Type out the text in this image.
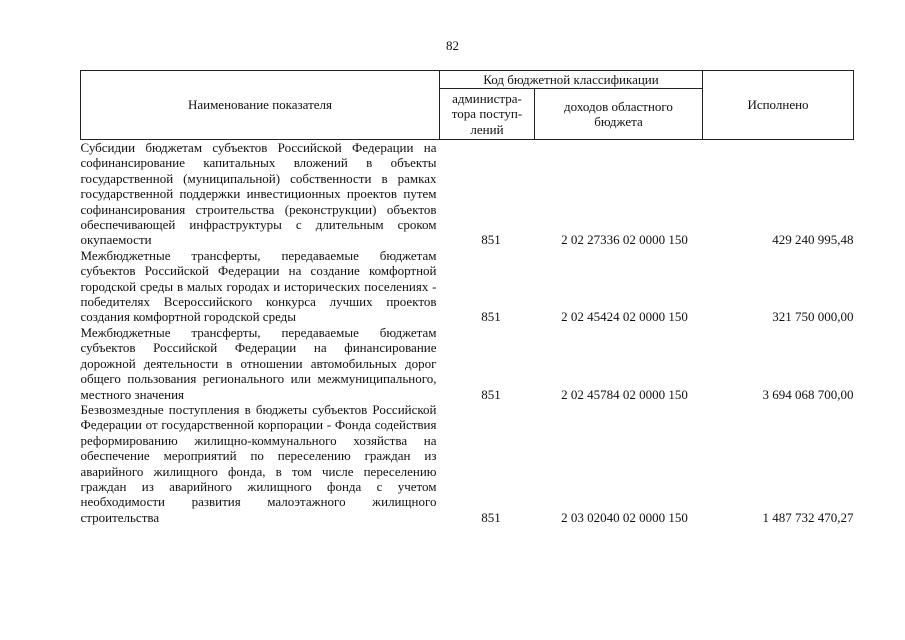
82
Наименование показателя	Код бюджетной классификации		Исполнено
	администра-тора поступ-лений	доходов областного бюджета	
Субсидии бюджетам субъектов Российской Федерации на софинансирование капитальных вложений в объекты государственной (муниципальной) собственности в рамках государственной поддержки инвестиционных проектов путем софинансирования строительства (реконструкции) объектов обеспечивающей инфраструктуры с длительным сроком окупаемости	851	2 02 27336 02 0000 150	429 240 995,48
Межбюджетные трансферты, передаваемые бюджетам субъектов Российской Федерации на создание комфортной городской среды в малых городах и исторических поселениях - победителях Всероссийского конкурса лучших проектов создания комфортной городской среды	851	2 02 45424 02 0000 150	321 750 000,00
Межбюджетные трансферты, передаваемые бюджетам субъектов Российской Федерации на финансирование дорожной деятельности в отношении автомобильных дорог общего пользования регионального или межмуниципального, местного значения	851	2 02 45784 02 0000 150	3 694 068 700,00
Безвозмездные поступления в бюджеты субъектов Российской Федерации от государственной корпорации - Фонда содействия реформированию жилищно-коммунального хозяйства на обеспечение мероприятий по переселению граждан из аварийного жилищного фонда, в том числе переселению граждан из аварийного жилищного фонда с учетом необходимости развития малоэтажного жилищного строительства	851	2 03 02040 02 0000 150	1 487 732 470,27
